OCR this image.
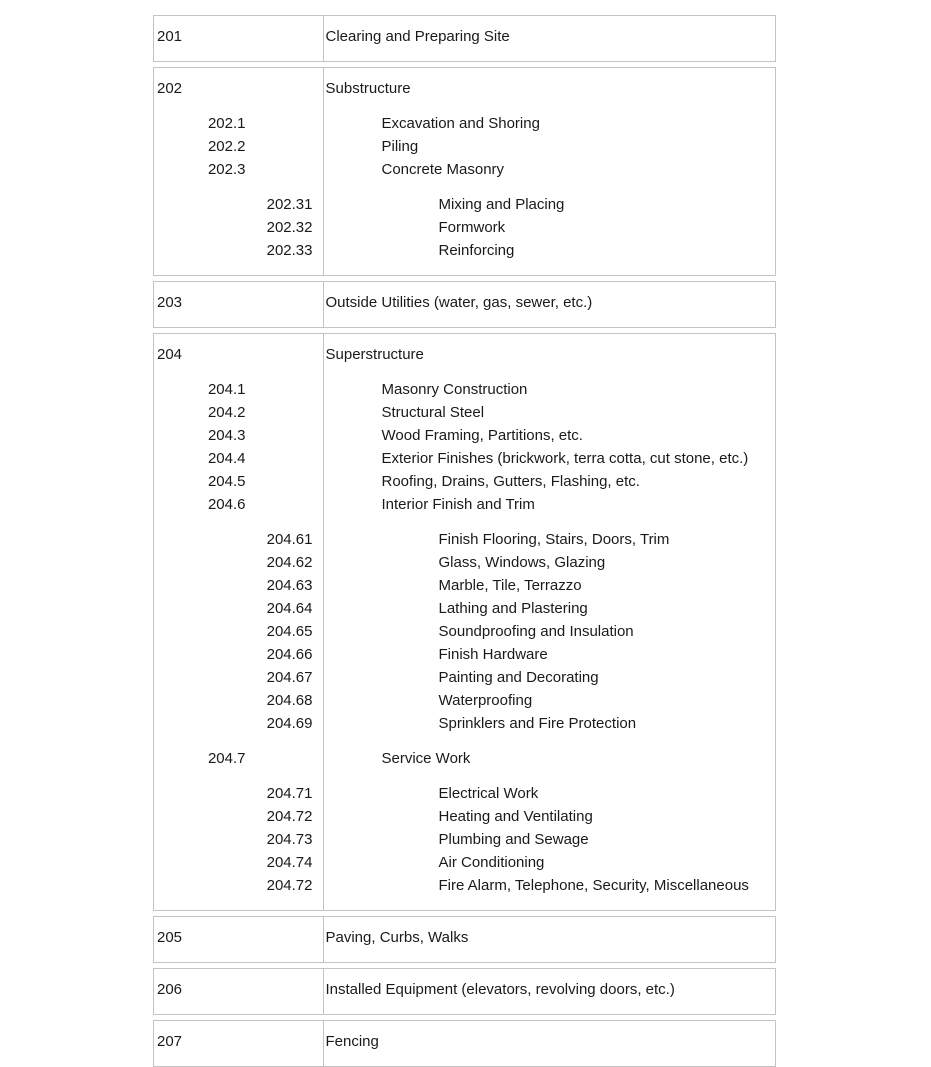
201	Clearing and Preparing Site

202	Substructure

202.1	Excavation and Shoring

202.2	Piling

202.3	Concrete Masonry

202.31	Mixing and Placing

202.32	Formwork

202.33	Reinforcing

203	Outside Utilities (water, gas, sewer, etc.)

204	Superstructure

204.1	Masonry Construction

204.2	Structural Steel

204.3	Wood Framing, Partitions, etc.

204.4	Exterior Finishes (brickwork, terra cotta, cut stone, etc.)

204.5	Roofing, Drains, Gutters, Flashing, etc.

204.6	Interior Finish and Trim

204.61	Finish Flooring, Stairs, Doors, Trim

204.62	Glass, Windows, Glazing

204.63	Marble, Tile, Terrazzo

204.64	Lathing and Plastering

204.65	Soundproofing and Insulation

204.66	Finish Hardware

204.67	Painting and Decorating

204.68	Waterproofing

204.69	Sprinklers and Fire Protection

204.7	Service Work

204.71	Electrical Work

204.72	Heating and Ventilating

204.73	Plumbing and Sewage

204.74	Air Conditioning

204.72	Fire Alarm, Telephone, Security, Miscellaneous

205	Paving, Curbs, Walks

206	Installed Equipment (elevators, revolving doors, etc.)

207	Fencing
